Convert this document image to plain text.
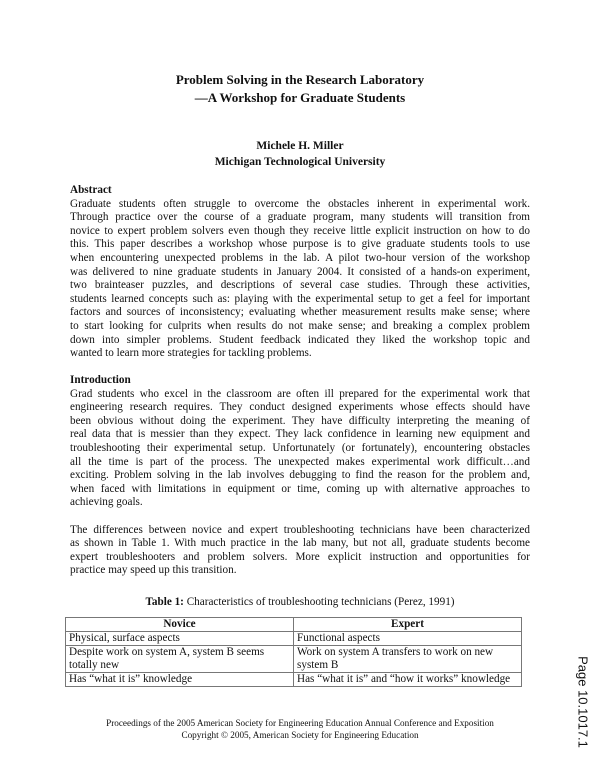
Problem Solving in the Research Laboratory
—A Workshop for Graduate Students
Michele H. Miller
Michigan Technological University
Abstract
Graduate students often struggle to overcome the obstacles inherent in experimental work.
Through practice over the course of a graduate program, many students will transition from
novice to expert problem solvers even though they receive little explicit instruction on how to do
this. This paper describes a workshop whose purpose is to give graduate students tools to use
when encountering unexpected problems in the lab. A pilot two-hour version of the workshop
was delivered to nine graduate students in January 2004. It consisted of a hands-on experiment,
two brainteaser puzzles, and descriptions of several case studies. Through these activities,
students learned concepts such as: playing with the experimental setup to get a feel for important
factors and sources of inconsistency; evaluating whether measurement results make sense; where
to start looking for culprits when results do not make sense; and breaking a complex problem
down into simpler problems. Student feedback indicated they liked the workshop topic and
wanted to learn more strategies for tackling problems.
Introduction
Grad students who excel in the classroom are often ill prepared for the experimental work that
engineering research requires. They conduct designed experiments whose effects should have
been obvious without doing the experiment. They have difficulty interpreting the meaning of
real data that is messier than they expect. They lack confidence in learning new equipment and
troubleshooting their experimental setup. Unfortunately (or fortunately), encountering obstacles
all the time is part of the process. The unexpected makes experimental work difficult…and
exciting. Problem solving in the lab involves debugging to find the reason for the problem and,
when faced with limitations in equipment or time, coming up with alternative approaches to
achieving goals.
The differences between novice and expert troubleshooting technicians have been characterized
as shown in Table 1. With much practice in the lab many, but not all, graduate students become
expert troubleshooters and problem solvers. More explicit instruction and opportunities for
practice may speed up this transition.
Table 1: Characteristics of troubleshooting technicians (Perez, 1991)
Novice	Expert
Physical, surface aspects	Functional aspects
Despite work on system A, system B seems totally new	Work on system A transfers to work on new system B
Has “what it is” knowledge	Has “what it is” and “how it works” knowledge
Proceedings of the 2005 American Society for Engineering Education Annual Conference and Exposition
Copyright © 2005, American Society for Engineering Education	Page 10.1017.1
